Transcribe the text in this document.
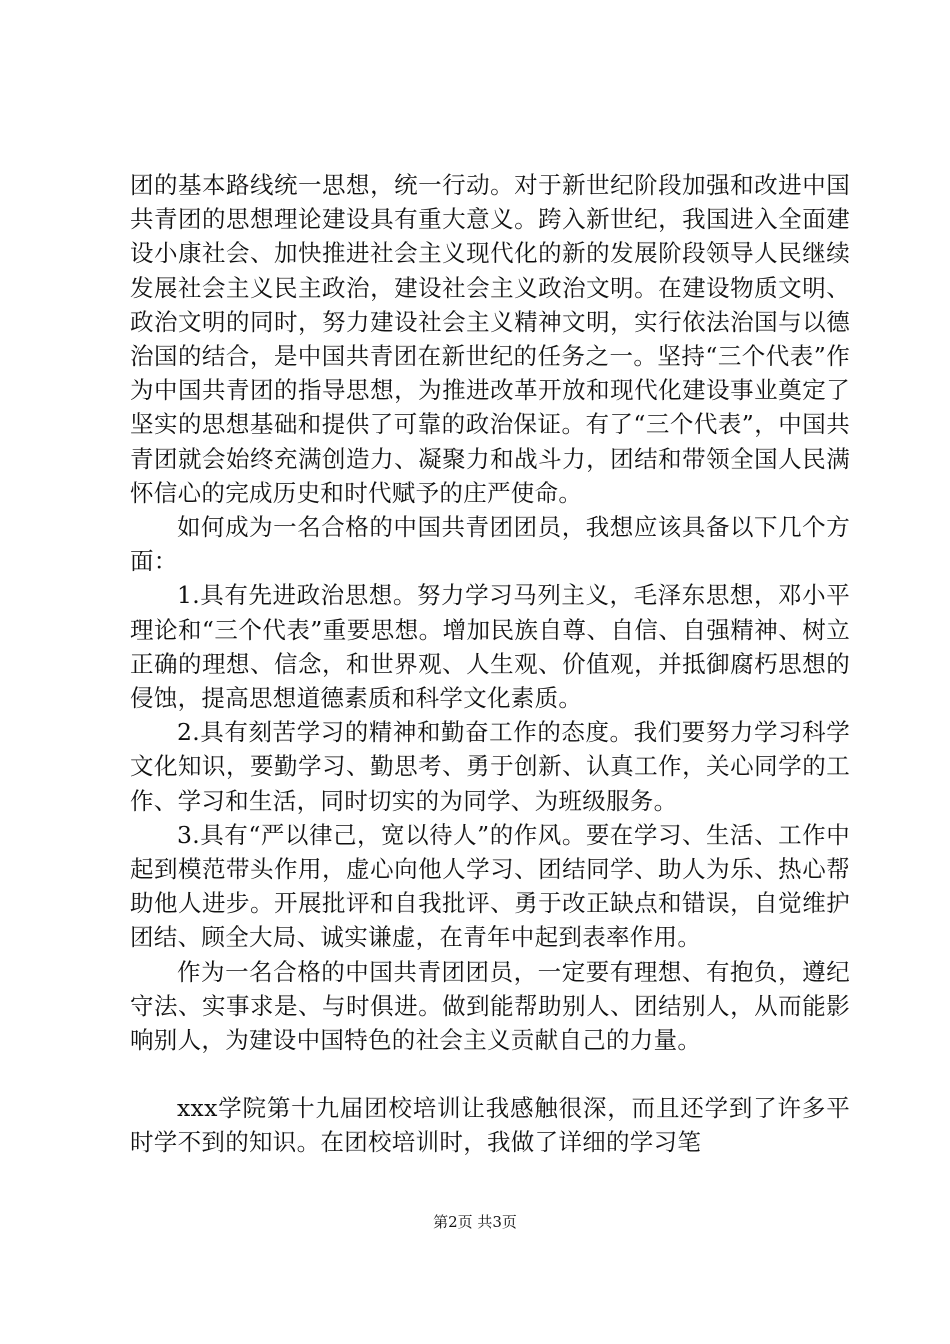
团的基本路线统一思想，统一行动。对于新世纪阶段加强和改进中国共青团的思想理论建设具有重大意义。跨入新世纪，我国进入全面建设小康社会、加快推进社会主义现代化的新的发展阶段领导人民继续发展社会主义民主政治，建设社会主义政治文明。在建设物质文明、政治文明的同时，努力建设社会主义精神文明，实行依法治国与以德治国的结合，是中国共青团在新世纪的任务之一。坚持“三个代表”作为中国共青团的指导思想，为推进改革开放和现代化建设事业奠定了坚实的思想基础和提供了可靠的政治保证。有了“三个代表”，中国共青团就会始终充满创造力、凝聚力和战斗力，团结和带领全国人民满怀信心的完成历史和时代赋予的庄严使命。

如何成为一名合格的中国共青团团员，我想应该具备以下几个方面：

1.具有先进政治思想。努力学习马列主义，毛泽东思想，邓小平理论和“三个代表”重要思想。增加民族自尊、自信、自强精神、树立正确的理想、信念，和世界观、人生观、价值观，并抵御腐朽思想的侵蚀，提高思想道德素质和科学文化素质。

2.具有刻苦学习的精神和勤奋工作的态度。我们要努力学习科学文化知识，要勤学习、勤思考、勇于创新、认真工作，关心同学的工作、学习和生活，同时切实的为同学、为班级服务。

3.具有“严以律己，宽以待人”的作风。要在学习、生活、工作中起到模范带头作用，虚心向他人学习、团结同学、助人为乐、热心帮助他人进步。开展批评和自我批评、勇于改正缺点和错误，自觉维护团结、顾全大局、诚实谦虚，在青年中起到表率作用。

作为一名合格的中国共青团团员，一定要有理想、有抱负，遵纪守法、实事求是、与时俱进。做到能帮助别人、团结别人，从而能影响别人，为建设中国特色的社会主义贡献自己的力量。

xxx学院第十九届团校培训让我感触很深，而且还学到了许多平时学不到的知识。在团校培训时，我做了详细的学习笔

第2页 共3页
